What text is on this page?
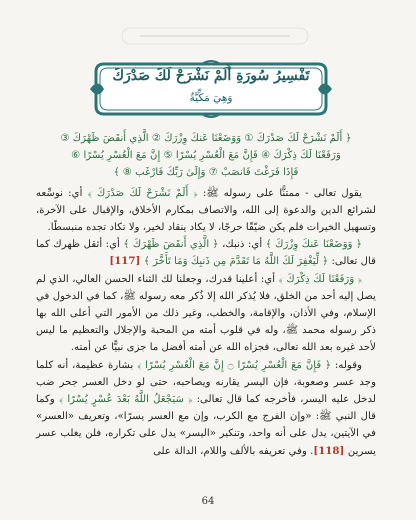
تَفْسِيرُ سُورَةِ أَلَمْ نَشْرَحْ لَكَ صَدْرَكَ
وَهِيَ مَكِّيَّةٌ

﴿ أَلَمْ نَشْرَحْ لَكَ صَدْرَكَ ① وَوَضَعْنَا عَنكَ وِزْرَكَ ② الَّذِي أَنقَضَ ظَهْرَكَ ③
وَرَفَعْنَا لَكَ ذِكْرَكَ ④ فَإِنَّ مَعَ الْعُسْرِ يُسْرًا ⑤ إِنَّ مَعَ الْعُسْرِ يُسْرًا ⑥
فَإِذَا فَرَغْتَ فَانصَبْ ⑦ وَإِلَىٰ رَبِّكَ فَارْغَب ⑧ ﴾

يقول تعالى - ممتنًّا على رسوله ﷺ: ﴿ أَلَمْ نَشْرَحْ لَكَ صَدْرَكَ ﴾ أي: نوسِّعه لشرائع الدين والدعوة إلى الله، والاتصاف بمكارم الأخلاق، والإقبال على الآخرة، وتسهيل الخيرات فلم يكن ضيّقًا حرجًا، لا يكاد ينقاد لخير، ولا تكاد تجده منبسطًا.

﴿ وَوَضَعْنَا عَنكَ وِزْرَكَ ﴾ أي: ذنبك، ﴿ الَّذِي أَنقَضَ ظَهْرَكَ ﴾ أي: أثقل ظهرك كما قال تعالى: ﴿ لِّيَغْفِرَ لَكَ اللَّهُ مَا تَقَدَّمَ مِن ذَنبِكَ وَمَا تَأَخَّرَ ﴾ [117]

﴿ وَرَفَعْنَا لَكَ ذِكْرَكَ ﴾ أي: أعلينا قدرك، وجعلنا لك الثناء الحسن العالي، الذي لم يصل إليه أحد من الخلق، فلا يُذكر الله إلا ذُكر معه رسوله ﷺ، كما في الدخول في الإسلام، وفي الأذان، والإقامة، والخطب، وغير ذلك من الأمور التي أعلى الله بها ذكر رسوله محمد ﷺ، وله في قلوب أمته من المحبة والإجلال والتعظيم ما ليس لأحد غيره بعد الله تعالى، فجزاه الله عن أمته أفضل ما جزى نبيًّا عن أمته.

وقوله: ﴿ فَإِنَّ مَعَ الْعُسْرِ يُسْرًا ۝ إِنَّ مَعَ الْعُسْرِ يُسْرًا ﴾ بشارة عظيمة، أنه كلما وجد عسر وصعوبة، فإن اليسر يقارنه ويصاحبه، حتى لو دخل العسر جحر ضب لدخل عليه اليسر، فأخرجه كما قال تعالى: ﴿ سَيَجْعَلُ اللَّهُ بَعْدَ عُسْرٍ يُسْرًا ﴾ وكما قال النبي ﷺ: «وإن الفرج مع الكرب، وإن مع العسر يسرًا»، وتعريف «العسر» في الآيتين، يدل على أنه واحد، وتنكير «اليسر» يدل على تكراره، فلن يغلب عسر يسرين [118]. وفي تعريفه بالألف واللام، الدالة على

64
